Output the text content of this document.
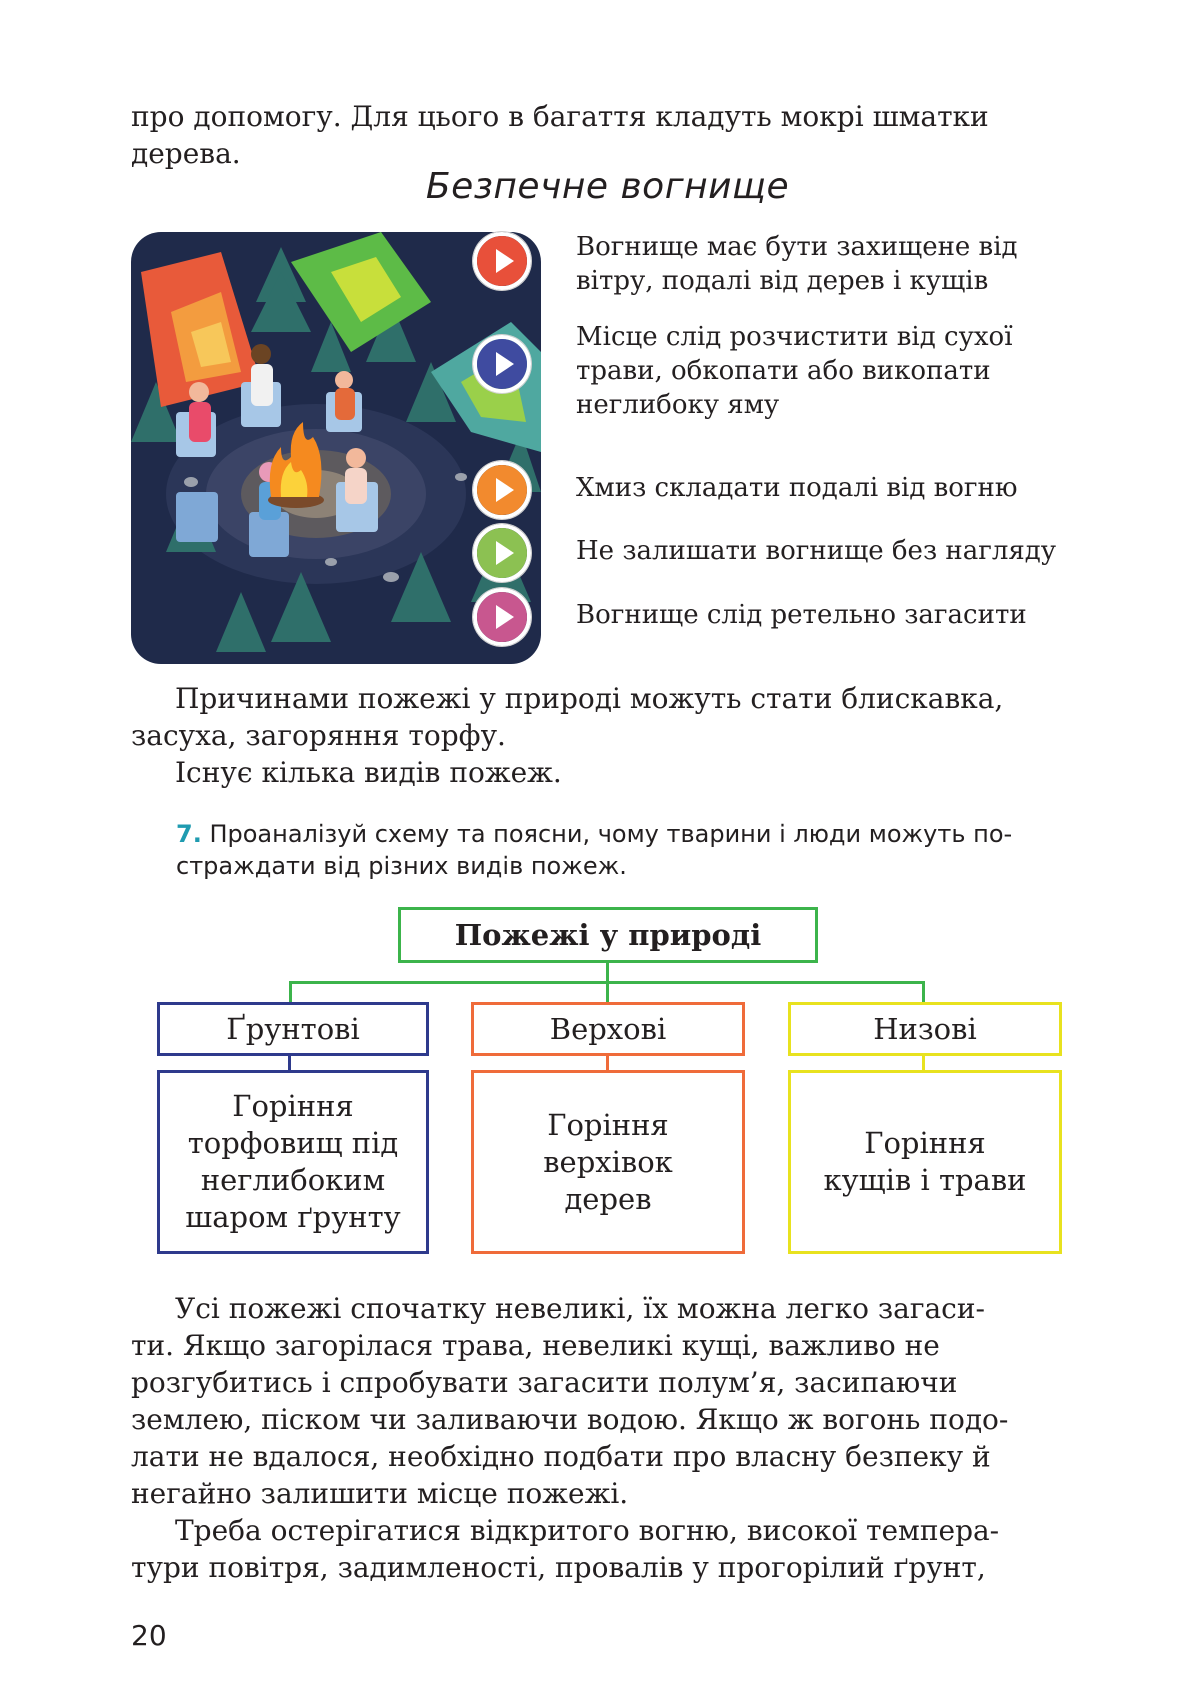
про допомогу. Для цього в багаття кладуть мокрі шматки
дерева.
Безпечне вогнище
Вогнище має бути захищене від
вітру, подалі від дерев і кущів
Місце слід розчистити від сухої
трави, обкопати або викопати
неглибоку яму
Хмиз складати подалі від вогню
Не залишати вогнище без нагляду
Вогнище слід ретельно загасити
Причинами пожежі у природі можуть стати блискавка,
засуха, загоряння торфу.
Існує кілька видів пожеж.
7. Проаналізуй схему та поясни, чому тварини і люди можуть по-
страждати від різних видів пожеж.
Пожежі у природі
Ґрунтові
Горіння
торфовищ під
неглибоким
шаром ґрунту
Верхові
Горіння
верхівок
дерев
Низові
Горіння
кущів і трави
Усі пожежі спочатку невеликі, їх можна легко загаси-
ти. Якщо загорілася трава, невеликі кущі, важливо не
розгубитись і спробувати загасити полум’я, засипаючи
землею, піском чи заливаючи водою. Якщо ж вогонь подо-
лати не вдалося, необхідно подбати про власну безпеку й
негайно залишити місце пожежі.
Треба остерігатися відкритого вогню, високої темпера-
тури повітря, задимленості, провалів у прогорілий ґрунт,
20
